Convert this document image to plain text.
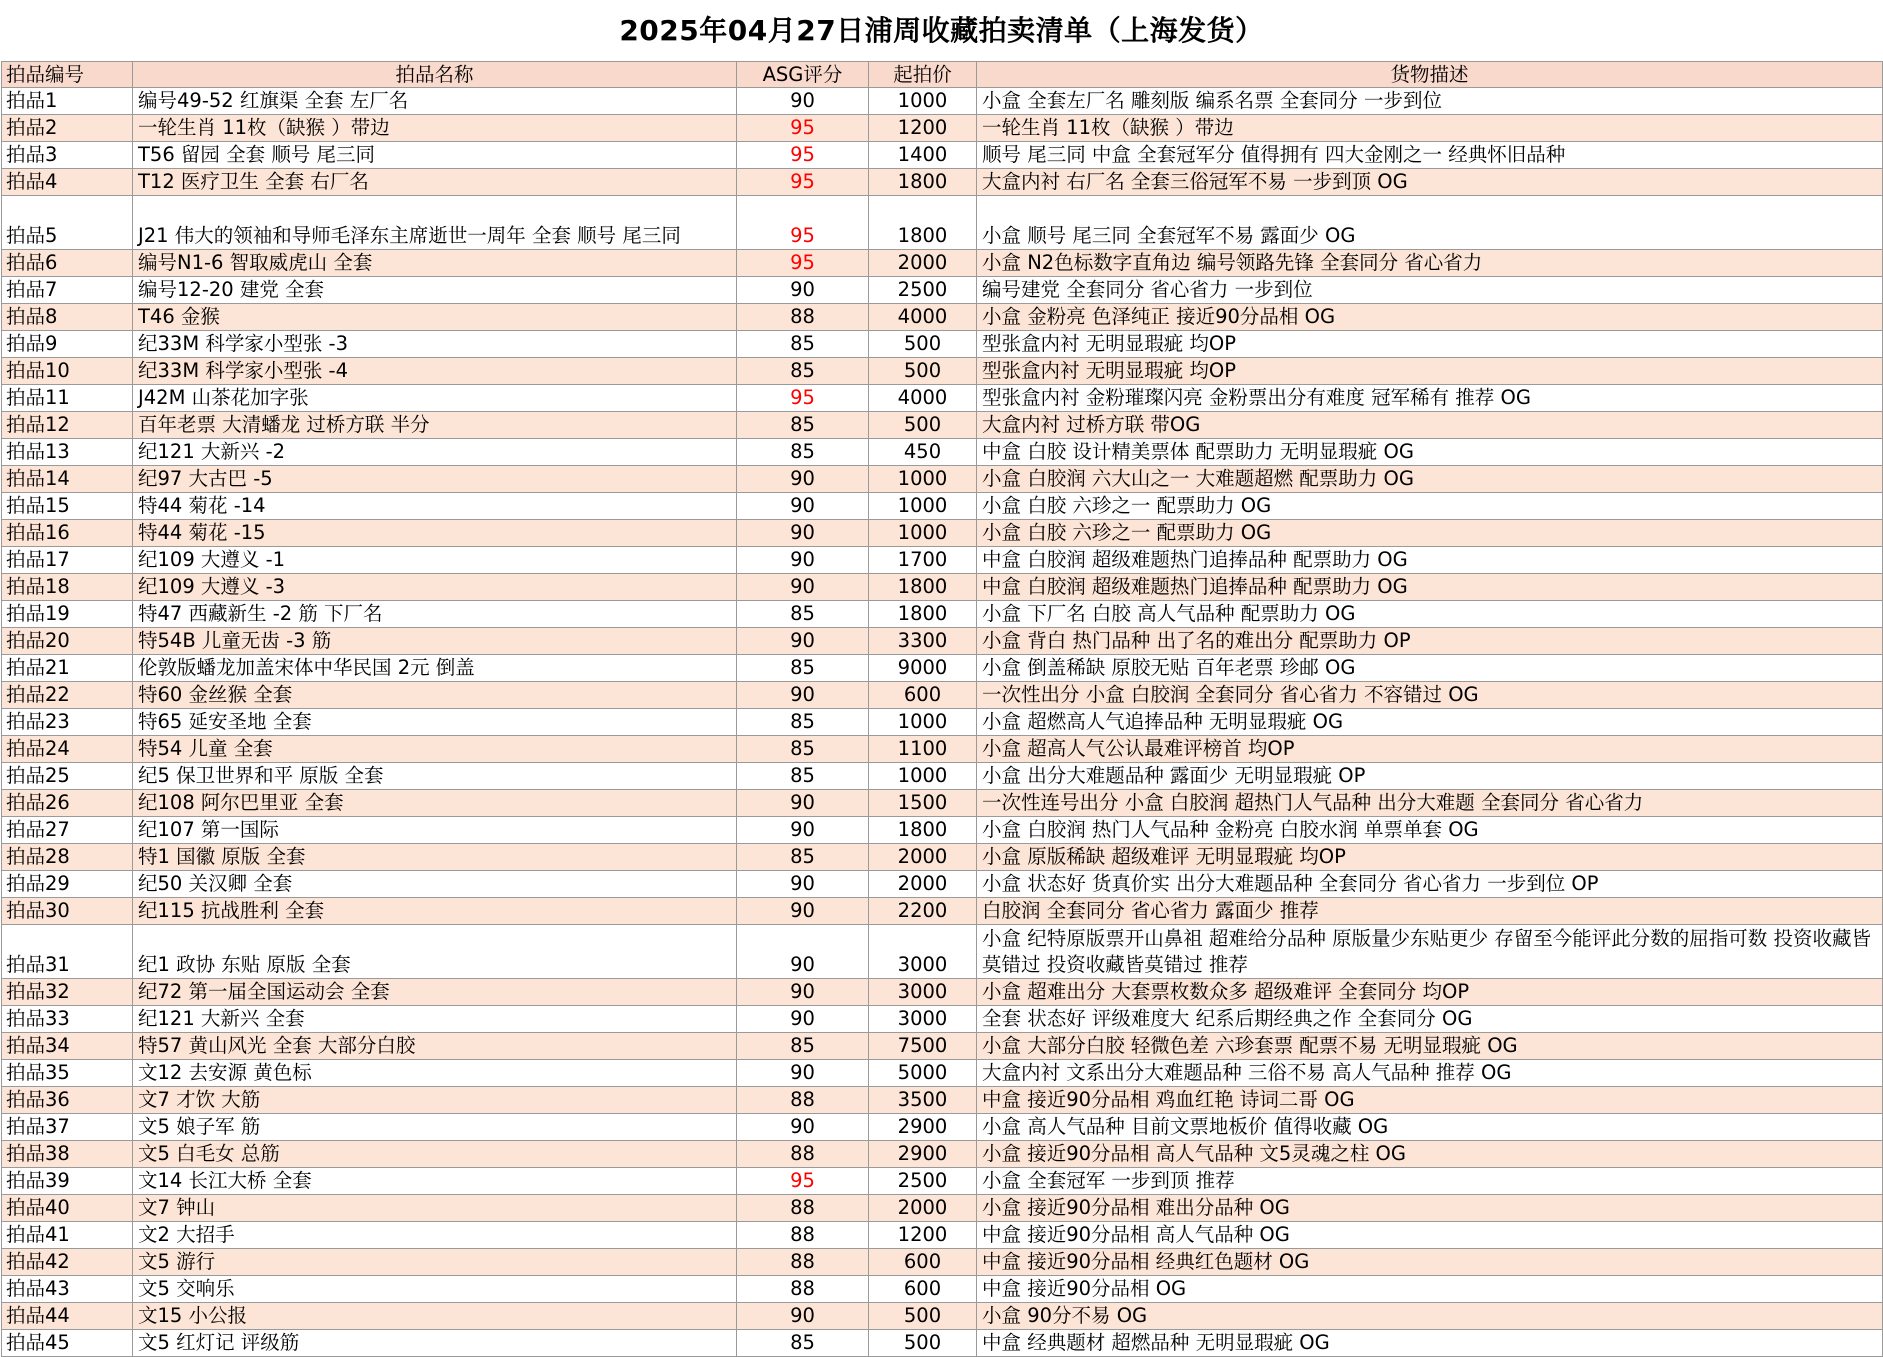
2025年04月27日浦周收藏拍卖清单（上海发货）
拍品编号	拍品名称	ASG评分	起拍价	货物描述
拍品1	编号49-52 红旗渠 全套 左厂名	90	1000	小盒 全套左厂名 雕刻版 编系名票 全套同分 一步到位
拍品2	一轮生肖 11枚（缺猴 ）带边	95	1200	一轮生肖 11枚（缺猴 ）带边
拍品3	T56 留园 全套 顺号 尾三同	95	1400	顺号 尾三同 中盒 全套冠军分 值得拥有 四大金刚之一 经典怀旧品种
拍品4	T12 医疗卫生 全套 右厂名	95	1800	大盒内衬 右厂名 全套三俗冠军不易 一步到顶 OG
拍品5	J21 伟大的领袖和导师毛泽东主席逝世一周年 全套 顺号 尾三同	95	1800	小盒 顺号 尾三同 全套冠军不易 露面少 OG
拍品6	编号N1-6 智取威虎山 全套	95	2000	小盒 N2色标数字直角边 编号领路先锋 全套同分 省心省力
拍品7	编号12-20 建党 全套	90	2500	编号建党 全套同分 省心省力 一步到位
拍品8	T46 金猴	88	4000	小盒 金粉亮 色泽纯正 接近90分品相 OG
拍品9	纪33M 科学家小型张 -3	85	500	型张盒内衬 无明显瑕疵 均OP
拍品10	纪33M 科学家小型张 -4	85	500	型张盒内衬 无明显瑕疵 均OP
拍品11	J42M 山茶花加字张	95	4000	型张盒内衬 金粉璀璨闪亮 金粉票出分有难度 冠军稀有 推荐 OG
拍品12	百年老票 大清蟠龙 过桥方联 半分	85	500	大盒内衬 过桥方联 带OG
拍品13	纪121 大新兴 -2	85	450	中盒 白胶 设计精美票体 配票助力 无明显瑕疵 OG
拍品14	纪97 大古巴 -5	90	1000	小盒 白胶润 六大山之一 大难题超燃 配票助力 OG
拍品15	特44 菊花 -14	90	1000	小盒 白胶 六珍之一 配票助力 OG
拍品16	特44 菊花 -15	90	1000	小盒 白胶 六珍之一 配票助力 OG
拍品17	纪109 大遵义 -1	90	1700	中盒 白胶润 超级难题热门追捧品种 配票助力 OG
拍品18	纪109 大遵义 -3	90	1800	中盒 白胶润 超级难题热门追捧品种 配票助力 OG
拍品19	特47 西藏新生 -2 筋 下厂名	85	1800	小盒 下厂名 白胶 高人气品种 配票助力 OG
拍品20	特54B 儿童无齿 -3 筋	90	3300	小盒 背白 热门品种 出了名的难出分 配票助力 OP
拍品21	伦敦版蟠龙加盖宋体中华民国 2元 倒盖	85	9000	小盒 倒盖稀缺 原胶无贴 百年老票 珍邮 OG
拍品22	特60 金丝猴 全套	90	600	一次性出分 小盒 白胶润 全套同分 省心省力 不容错过 OG
拍品23	特65 延安圣地 全套	85	1000	小盒 超燃高人气追捧品种 无明显瑕疵 OG
拍品24	特54 儿童 全套	85	1100	小盒 超高人气公认最难评榜首 均OP
拍品25	纪5 保卫世界和平 原版 全套	85	1000	小盒 出分大难题品种 露面少 无明显瑕疵 OP
拍品26	纪108 阿尔巴里亚 全套	90	1500	一次性连号出分 小盒 白胶润 超热门人气品种 出分大难题 全套同分 省心省力
拍品27	纪107 第一国际	90	1800	小盒 白胶润 热门人气品种 金粉亮 白胶水润 单票单套 OG
拍品28	特1 国徽 原版 全套	85	2000	小盒 原版稀缺 超级难评 无明显瑕疵 均OP
拍品29	纪50 关汉卿 全套	90	2000	小盒 状态好 货真价实 出分大难题品种 全套同分 省心省力 一步到位 OP
拍品30	纪115 抗战胜利 全套	90	2200	白胶润 全套同分 省心省力 露面少 推荐
拍品31	纪1 政协 东贴 原版 全套	90	3000	小盒 纪特原版票开山鼻祖 超难给分品种 原版量少东贴更少 存留至今能评此分数的屈指可数 投资收藏皆莫错过 投资收藏皆莫错过 推荐
拍品32	纪72 第一届全国运动会 全套	90	3000	小盒 超难出分 大套票枚数众多 超级难评 全套同分 均OP
拍品33	纪121 大新兴 全套	90	3000	全套 状态好 评级难度大 纪系后期经典之作 全套同分 OG
拍品34	特57 黄山风光 全套 大部分白胶	85	7500	小盒 大部分白胶 轻微色差 六珍套票 配票不易 无明显瑕疵 OG
拍品35	文12 去安源 黄色标	90	5000	大盒内衬 文系出分大难题品种 三俗不易 高人气品种 推荐 OG
拍品36	文7 才饮 大筋	88	3500	中盒 接近90分品相 鸡血红艳 诗词二哥 OG
拍品37	文5 娘子军 筋	90	2900	小盒 高人气品种 目前文票地板价 值得收藏 OG
拍品38	文5 白毛女 总筋	88	2900	小盒 接近90分品相 高人气品种 文5灵魂之柱 OG
拍品39	文14 长江大桥 全套	95	2500	小盒 全套冠军 一步到顶 推荐
拍品40	文7 钟山	88	2000	小盒 接近90分品相 难出分品种 OG
拍品41	文2 大招手	88	1200	中盒 接近90分品相 高人气品种 OG
拍品42	文5 游行	88	600	中盒 接近90分品相 经典红色题材 OG
拍品43	文5 交响乐	88	600	中盒 接近90分品相 OG
拍品44	文15 小公报	90	500	小盒 90分不易 OG
拍品45	文5 红灯记 评级筋	85	500	中盒 经典题材 超燃品种 无明显瑕疵 OG
